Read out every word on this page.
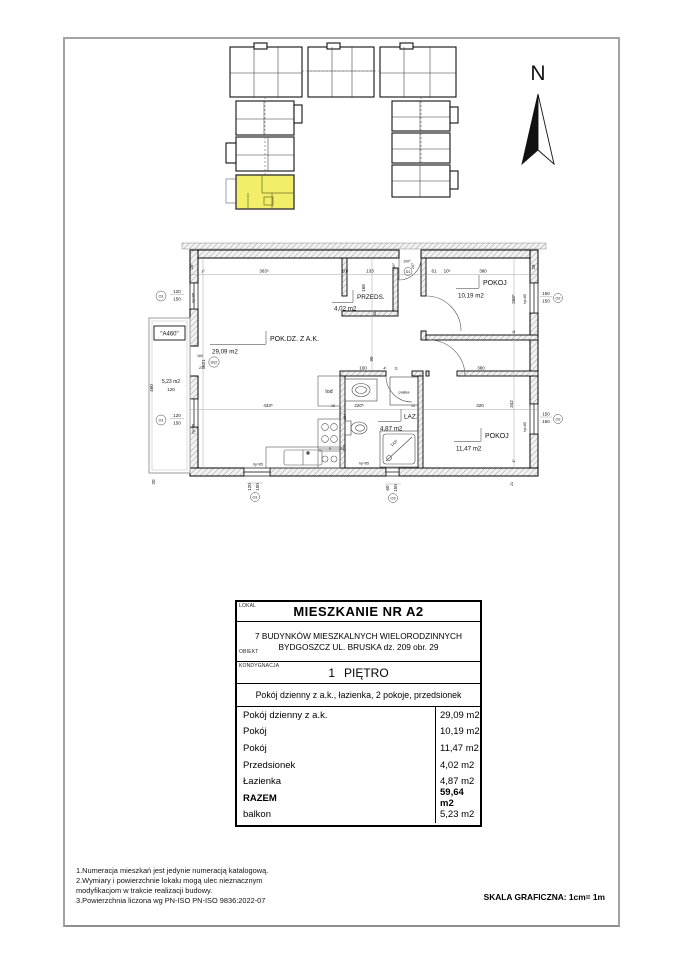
N
"A460"
5,23 m2
120
460
20
28
1⁵	363⁵	10⁵	133
40³
100⁵
207
D1	61 10⁵	380
28
621
hp=85
hp=85
120
150
O1
120
150
O1
160
235
Ds2
168
10⁵
90
100	4¹ 11	380
433⁵	15	220⁵	15	320
164
77¹³
9	30
hp=85	hp=85
268⁵
11
342
1¹
21
hp=85
hp=85
150
150 O2
150
150 O2
120 150
O1
60 150
O3
POK.DZ. Z A.K.
29,09 m2
PRZEDS.
4,02 m2
POKOJ
10,19 m2
LAZ.
4,87 m2
POKOJ
11,47 m2
pralka
142⁵
lod
LOKAL	MIESZKANIE NR A2
OBIEKT
7 BUDYNKÓW MIESZKALNYCH WIELORODZINNYCH
BYDGOSZCZ UL. BRUSKA dz. 209 obr. 29
KONDYGNACJA	1 PIĘTRO
Pokój dzienny z a.k., łazienka, 2 pokoje, przedsionek
Pokój dzienny z a.k.	29,09 m2
Pokój	10,19 m2
Pokój	11,47 m2
Przedsionek	4,02 m2
Łazienka	4,87 m2
RAZEM	59,64 m2
balkon	5,23 m2
1.Numeracja mieszkań jest jedynie numeracją katalogową.
2.Wymiary i powierzchnie lokalu mogą ulec nieznacznym
modyfikacjom w trakcie realizacji budowy.
3.Powierzchnia liczona wg PN-ISO PN-ISO 9836:2022-07	SKALA GRAFICZNA: 1cm= 1m
